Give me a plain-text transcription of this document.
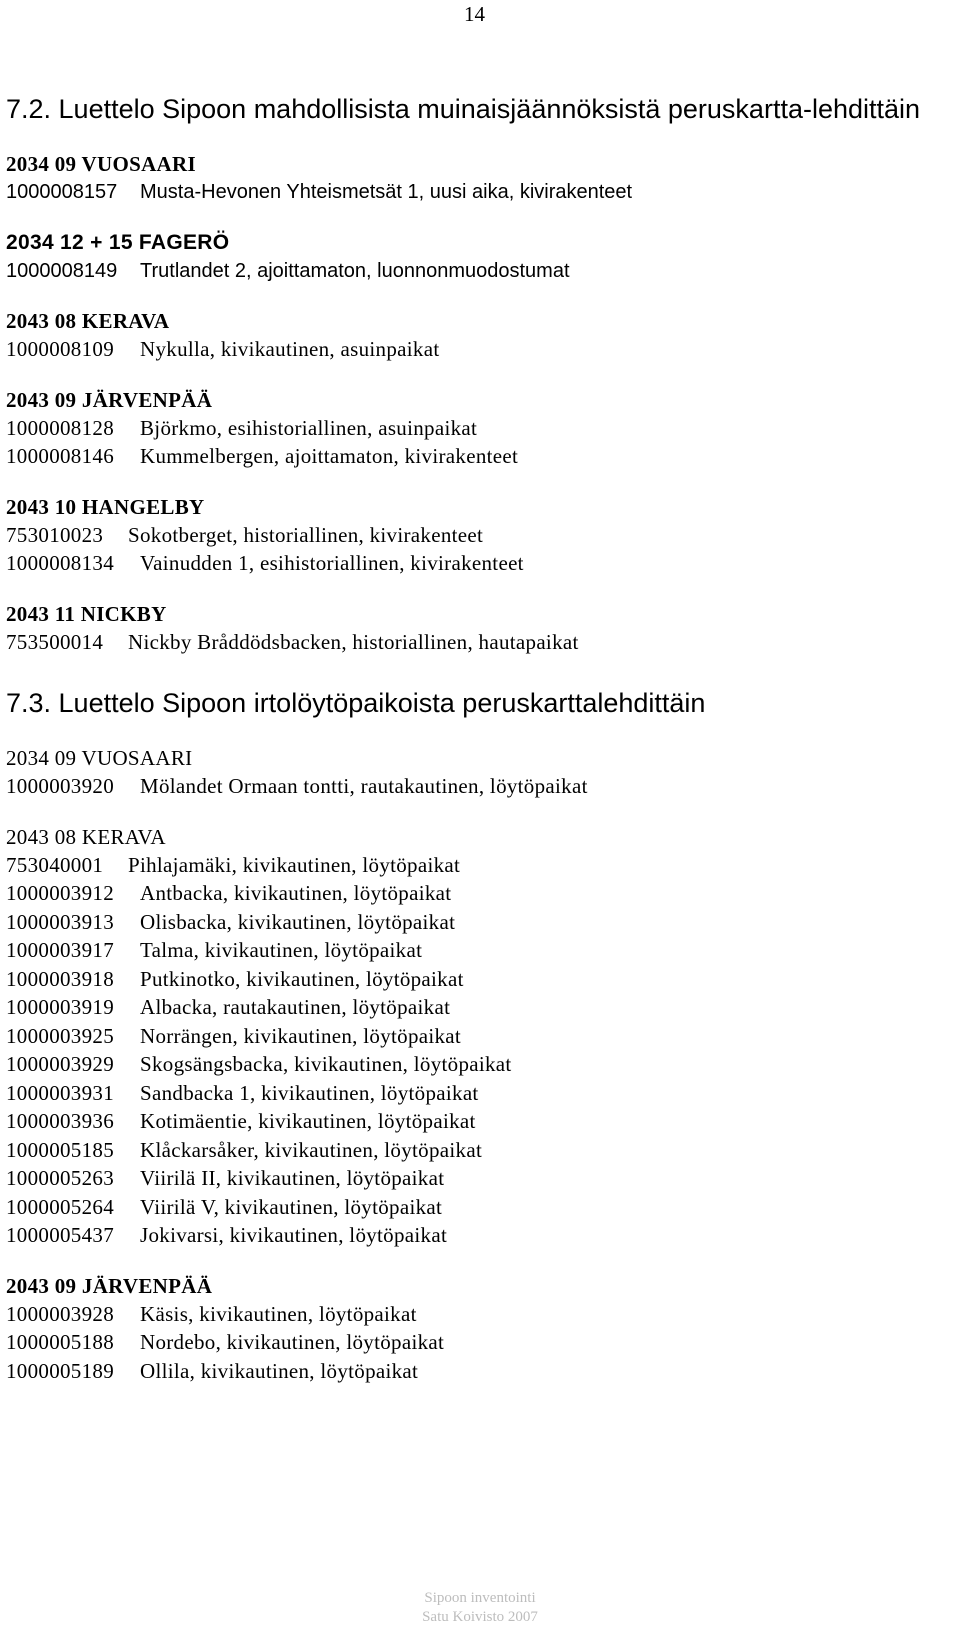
14
7.2. Luettelo Sipoon mahdollisista muinaisjäännöksistä peruskartta-lehdittäin
2034 09 VUOSAARI
1000008157	Musta-Hevonen Yhteismetsät 1, uusi aika, kivirakenteet
2034 12 + 15 FAGERÖ
1000008149	Trutlandet 2, ajoittamaton, luonnonmuodostumat
2043 08 KERAVA
1000008109	Nykulla, kivikautinen, asuinpaikat
2043 09 JÄRVENPÄÄ
1000008128	Björkmo, esihistoriallinen, asuinpaikat
1000008146	Kummelbergen, ajoittamaton, kivirakenteet
2043 10 HANGELBY
753010023	Sokotberget, historiallinen, kivirakenteet
1000008134	Vainudden 1, esihistoriallinen, kivirakenteet
2043 11 NICKBY
753500014	Nickby Bråddödsbacken, historiallinen, hautapaikat
7.3. Luettelo Sipoon irtolöytöpaikoista peruskarttalehdittäin
2034 09 VUOSAARI
1000003920	Mölandet Ormaan tontti, rautakautinen, löytöpaikat
2043 08 KERAVA
753040001	Pihlajamäki, kivikautinen, löytöpaikat
1000003912	Antbacka, kivikautinen, löytöpaikat
1000003913	Olisbacka, kivikautinen, löytöpaikat
1000003917	Talma, kivikautinen, löytöpaikat
1000003918	Putkinotko, kivikautinen, löytöpaikat
1000003919	Albacka, rautakautinen, löytöpaikat
1000003925	Norrängen, kivikautinen, löytöpaikat
1000003929	Skogsängsbacka, kivikautinen, löytöpaikat
1000003931	Sandbacka 1, kivikautinen, löytöpaikat
1000003936	Kotimäentie, kivikautinen, löytöpaikat
1000005185	Klåckarsåker, kivikautinen, löytöpaikat
1000005263	Viirilä II, kivikautinen, löytöpaikat
1000005264	Viirilä V, kivikautinen, löytöpaikat
1000005437	Jokivarsi, kivikautinen, löytöpaikat
2043 09 JÄRVENPÄÄ
1000003928	Käsis, kivikautinen, löytöpaikat
1000005188	Nordebo, kivikautinen, löytöpaikat
1000005189	Ollila, kivikautinen, löytöpaikat
Sipoon inventointi
Satu Koivisto 2007
